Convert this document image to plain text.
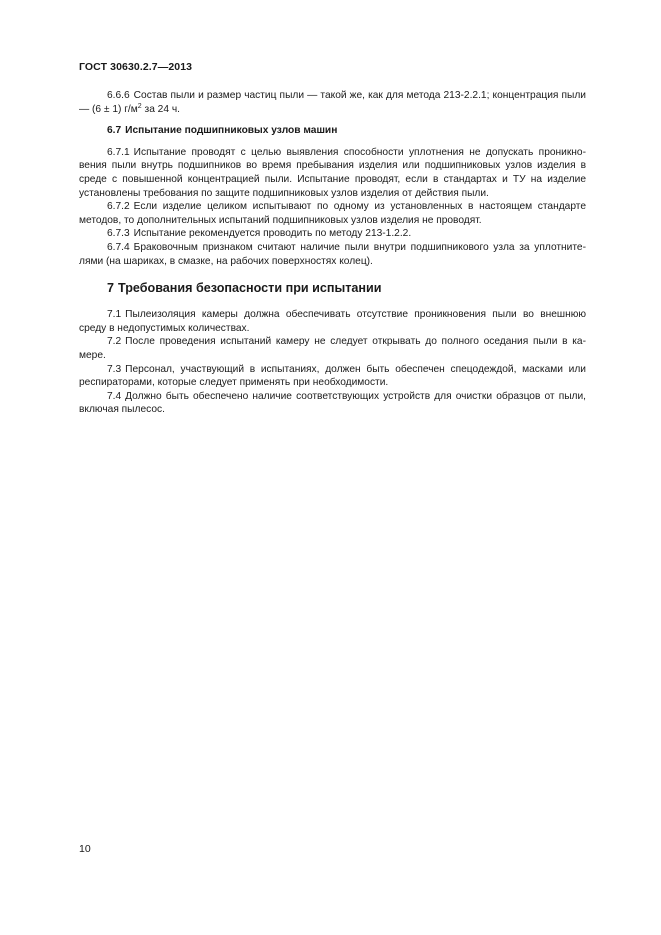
ГОСТ 30630.2.7—2013

6.6.6 Состав пыли и размер частиц пыли — такой же, как для метода 213-2.2.1; концентрация пыли — (6 ± 1) $г/м^2$ за 24 ч.

6.7 Испытание подшипниковых узлов машин

6.7.1 Испытание проводят с целью выявления способности уплотнения не допускать проникновения пыли внутрь подшипников во время пребывания изделия или подшипниковых узлов изделия в среде с повышенной концентрацией пыли. Испытание проводят, если в стандартах и ТУ на изделие установлены требования по защите подшипниковых узлов изделия от действия пыли.

6.7.2 Если изделие целиком испытывают по одному из установленных в настоящем стандарте методов, то дополнительных испытаний подшипниковых узлов изделия не проводят.

6.7.3 Испытание рекомендуется проводить по методу 213-1.2.2.

6.7.4 Браковочным признаком считают наличие пыли внутри подшипникового узла за уплотнителями (на шариках, в смазке, на рабочих поверхностях колец).

7 Требования безопасности при испытании

7.1 Пылеизоляция камеры должна обеспечивать отсутствие проникновения пыли во внешнюю среду в недопустимых количествах.

7.2 После проведения испытаний камеру не следует открывать до полного оседания пыли в камере.

7.3 Персонал, участвующий в испытаниях, должен быть обеспечен спецодеждой, масками или респираторами, которые следует применять при необходимости.

7.4 Должно быть обеспечено наличие соответствующих устройств для очистки образцов от пыли, включая пылесос.

10
